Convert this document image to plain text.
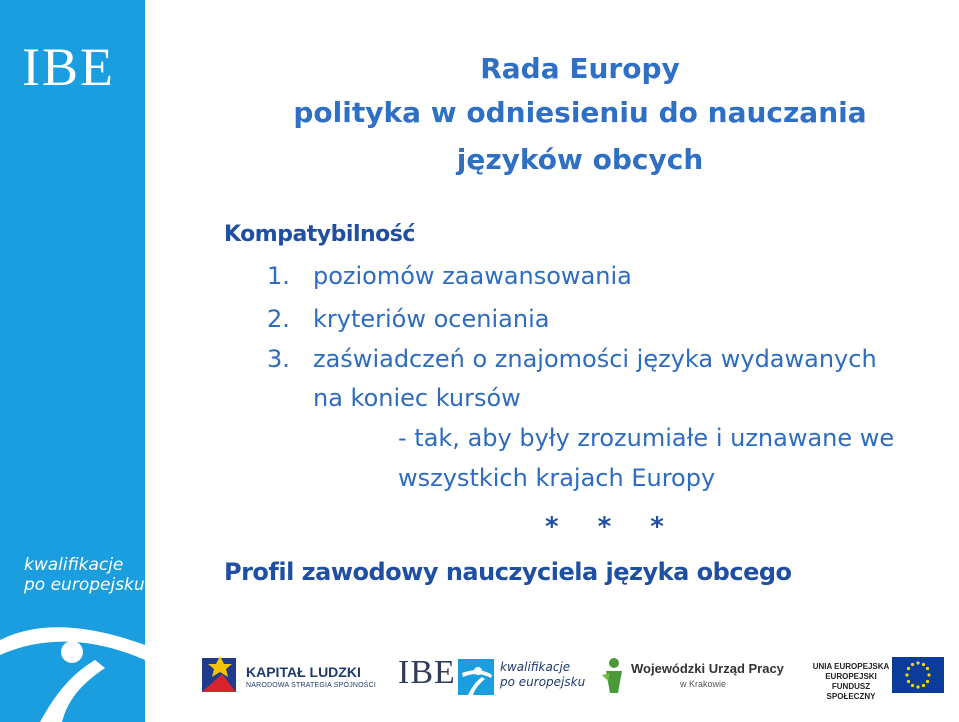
IBE
kwalifikacje
po europejsku
Rada Europy
polityka w odniesieniu do nauczania
języków obcych
Kompatybilność
1. poziomów zaawansowania
2. kryteriów oceniania
3. zaświadczeń o znajomości języka wydawanych
na koniec kursów
- tak, aby były zrozumiałe i uznawane we
wszystkich krajach Europy
* * *
Profil zawodowy nauczyciela języka obcego
KAPITAŁ LUDZKI
NARODOWA STRATEGIA SPÓJNOŚCI IBE	kwalifikacje
po europejsku
Wojewódzki Urząd Pracy
w Krakowie
UNIA EUROPEJSKA
EUROPEJSKI
FUNDUSZ SPOŁECZNY
